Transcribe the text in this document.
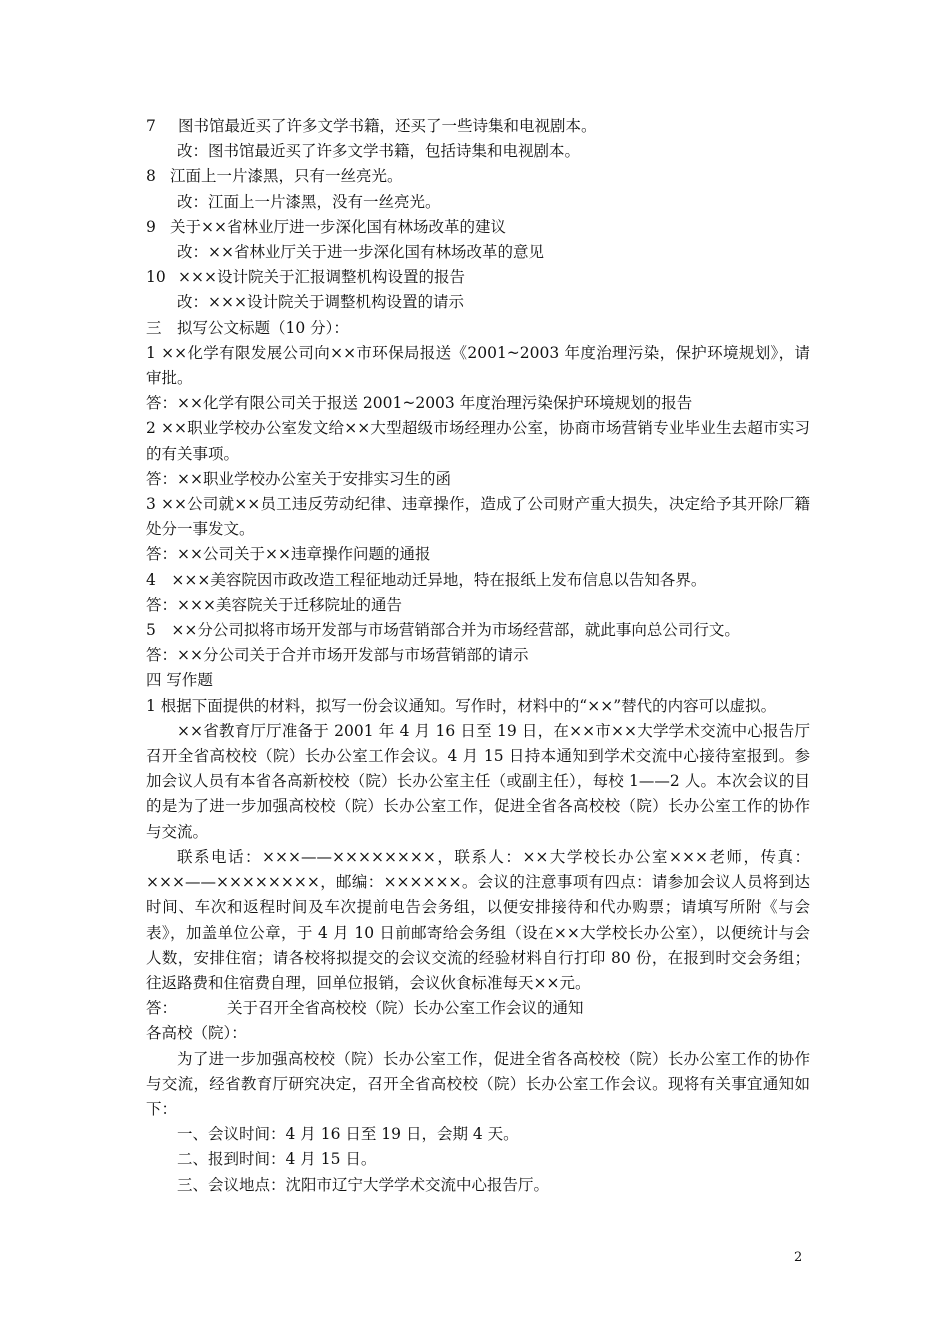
7 图书馆最近买了许多文学书籍，还买了一些诗集和电视剧本。
改：图书馆最近买了许多文学书籍，包括诗集和电视剧本。
8 江面上一片漆黑，只有一丝亮光。
改：江面上一片漆黑，没有一丝亮光。
9 关于××省林业厅进一步深化国有林场改革的建议
改：××省林业厅关于进一步深化国有林场改革的意见
10 ×××设计院关于汇报调整机构设置的报告
改：×××设计院关于调整机构设置的请示
三　拟写公文标题（10 分）：
1 ××化学有限发展公司向××市环保局报送《2001~2003 年度治理污染，保护环境规划》，请审批。
答：××化学有限公司关于报送 2001~2003 年度治理污染保护环境规划的报告
2 ××职业学校办公室发文给××大型超级市场经理办公室，协商市场营销专业毕业生去超市实习的有关事项。
答：××职业学校办公室关于安排实习生的函
3 ××公司就××员工违反劳动纪律、违章操作，造成了公司财产重大损失，决定给予其开除厂籍处分一事发文。
答：××公司关于××违章操作问题的通报
4　×××美容院因市政改造工程征地动迁异地，特在报纸上发布信息以告知各界。
答：×××美容院关于迁移院址的通告
5　××分公司拟将市场开发部与市场营销部合并为市场经营部，就此事向总公司行文。
答：××分公司关于合并市场开发部与市场营销部的请示
四 写作题
1 根据下面提供的材料，拟写一份会议通知。写作时，材料中的“××”替代的内容可以虚拟。
××省教育厅厅准备于 2001 年 4 月 16 日至 19 日，在××市××大学学术交流中心报告厅召开全省高校校（院）长办公室工作会议。4 月 15 日持本通知到学术交流中心接待室报到。参加会议人员有本省各高新校校（院）长办公室主任（或副主任），每校 1——2 人。本次会议的目的是为了进一步加强高校校（院）长办公室工作，促进全省各高校校（院）长办公室工作的协作与交流。
联系电话：×××——××××××××，联系人：××大学校长办公室×××老师，传真：×××——××××××××，邮编：××××××。会议的注意事项有四点：请参加会议人员将到达时间、车次和返程时间及车次提前电告会务组，以便安排接待和代办购票；请填写所附《与会表》，加盖单位公章，于 4 月 10 日前邮寄给会务组（设在××大学校长办公室），以便统计与会人数，安排住宿；请各校将拟提交的会议交流的经验材料自行打印 80 份，在报到时交会务组；往返路费和住宿费自理，回单位报销，会议伙食标准每天××元。
答：	关于召开全省高校校（院）长办公室工作会议的通知
各高校（院）：
为了进一步加强高校校（院）长办公室工作，促进全省各高校校（院）长办公室工作的协作与交流，经省教育厅研究决定，召开全省高校校（院）长办公室工作会议。现将有关事宜通知如下：
一、会议时间：4 月 16 日至 19 日，会期 4 天。
二、报到时间：4 月 15 日。
三、会议地点：沈阳市辽宁大学学术交流中心报告厅。
2
